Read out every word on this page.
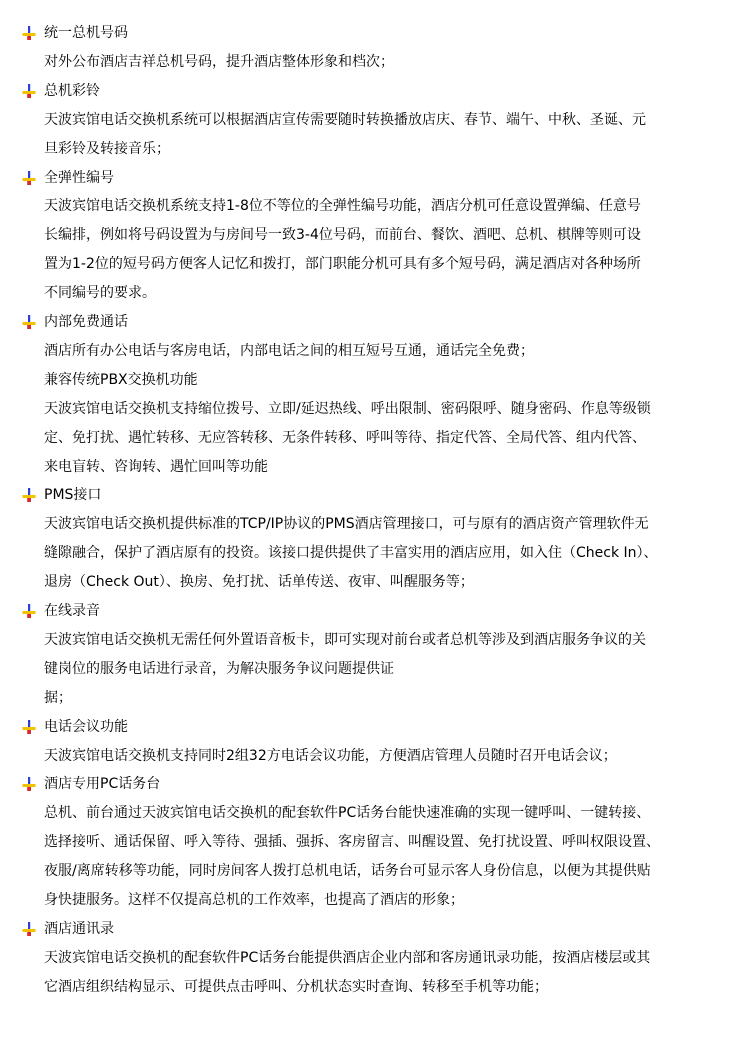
统一总机号码
对外公布酒店吉祥总机号码，提升酒店整体形象和档次；
总机彩铃
天波宾馆电话交换机系统可以根据酒店宣传需要随时转换播放店庆、春节、端午、中秋、圣诞、元
旦彩铃及转接音乐；
全弹性编号
天波宾馆电话交换机系统支持1-8位不等位的全弹性编号功能，酒店分机可任意设置弹编、任意号
长编排，例如将号码设置为与房间号一致3-4位号码，而前台、餐饮、酒吧、总机、棋牌等则可设
置为1-2位的短号码方便客人记忆和拨打，部门职能分机可具有多个短号码，满足酒店对各种场所
不同编号的要求。
内部免费通话
酒店所有办公电话与客房电话，内部电话之间的相互短号互通，通话完全免费；
兼容传统PBX交换机功能
天波宾馆电话交换机支持缩位拨号、立即/延迟热线、呼出限制、密码限呼、随身密码、作息等级锁
定、免打扰、遇忙转移、无应答转移、无条件转移、呼叫等待、指定代答、全局代答、组内代答、
来电盲转、咨询转、遇忙回叫等功能
PMS接口
天波宾馆电话交换机提供标准的TCP/IP协议的PMS酒店管理接口，可与原有的酒店资产管理软件无
缝隙融合，保护了酒店原有的投资。该接口提供提供了丰富实用的酒店应用，如入住（Check In）、
退房（Check Out）、换房、免打扰、话单传送、夜审、叫醒服务等；
在线录音
天波宾馆电话交换机无需任何外置语音板卡，即可实现对前台或者总机等涉及到酒店服务争议的关
键岗位的服务电话进行录音，为解决服务争议问题提供证
据；
电话会议功能
天波宾馆电话交换机支持同时2组32方电话会议功能，方便酒店管理人员随时召开电话会议；
酒店专用PC话务台
总机、前台通过天波宾馆电话交换机的配套软件PC话务台能快速准确的实现一键呼叫、一键转接、
选择接听、通话保留、呼入等待、强插、强拆、客房留言、叫醒设置、免打扰设置、呼叫权限设置、
夜服/离席转移等功能，同时房间客人拨打总机电话，话务台可显示客人身份信息，以便为其提供贴
身快捷服务。这样不仅提高总机的工作效率，也提高了酒店的形象；
酒店通讯录
天波宾馆电话交换机的配套软件PC话务台能提供酒店企业内部和客房通讯录功能，按酒店楼层或其
它酒店组织结构显示、可提供点击呼叫、分机状态实时查询、转移至手机等功能；
